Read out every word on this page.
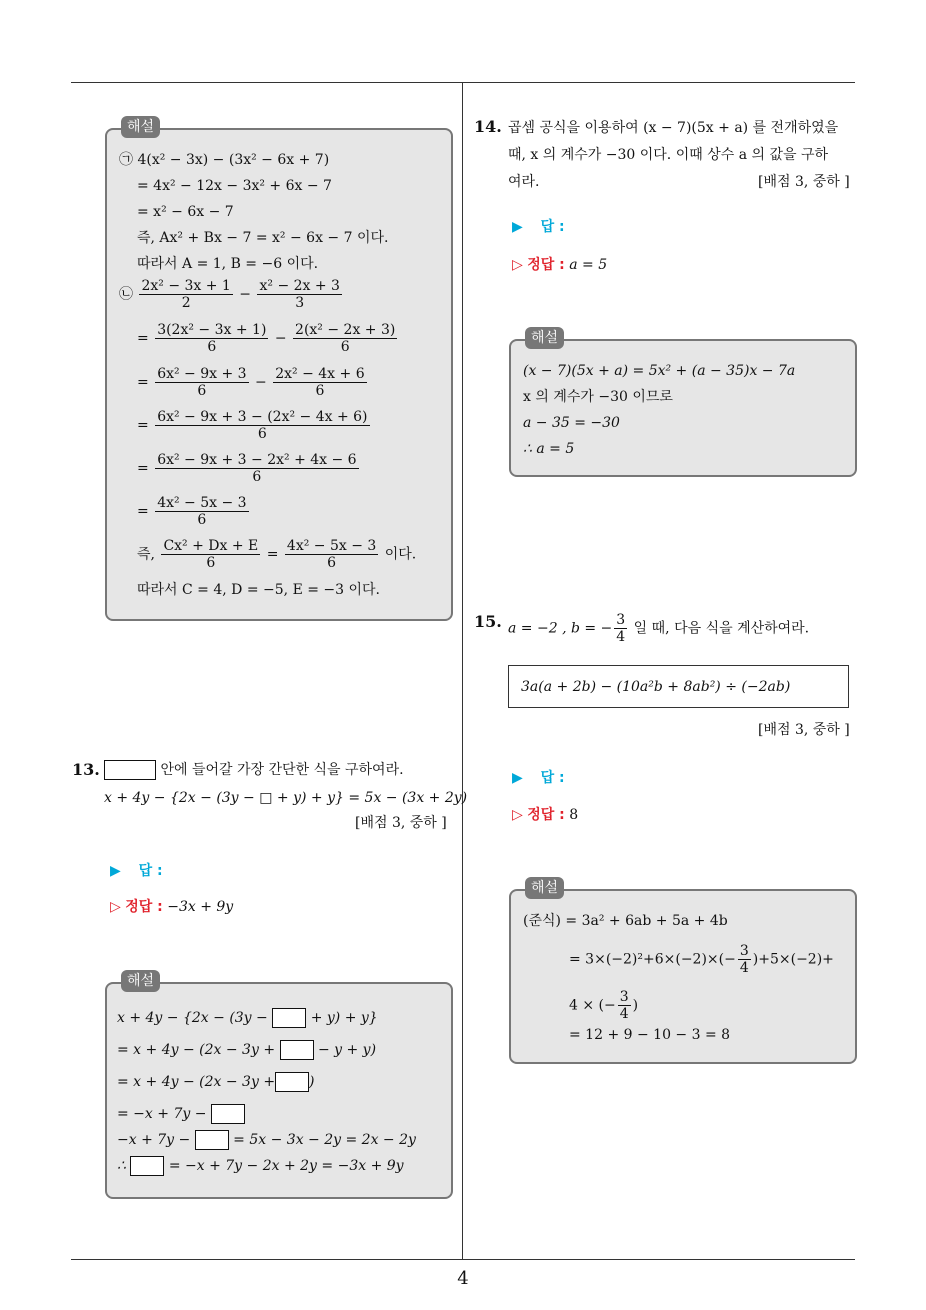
해설
㉠ 4(x² − 3x) − (3x² − 6x + 7)
= 4x² − 12x − 3x² + 6x − 7
= x² − 6x − 7
즉, Ax² + Bx − 7 = x² − 6x − 7 이다.
따라서 A = 1, B = −6 이다.
㉡ $\frac{\text{2x² − 3x + 1}}{2} - \frac{\text{x² − 2x + 3}}{3}$
= $\frac{\text{3(2x² − 3x + 1)}}{6} - \frac{\text{2(x² − 2x + 3)}}{6}$
= $\frac{\text{6x² − 9x + 3}}{6} - \frac{\text{2x² − 4x + 6}}{6}$
= $\frac{\text{6x² − 9x + 3 − (2x² − 4x + 6)}}{6}$
= $\frac{\text{6x² − 9x + 3 − 2x² + 4x − 6}}{6}$
= $\frac{\text{4x² − 5x − 3}}{6}$
즉, $\frac{\text{Cx² + Dx + E}}{6} = \frac{\text{4x² − 5x − 3}}{6}$ 이다.
따라서 C = 4, D = −5, E = −3 이다.
13.	안에 들어갈 가장 간단한 식을 구하여라.
x + 4y − {2x − (3y − □ + y) + y} = 5x − (3x + 2y)
[배점 3, 중하 ]
▶ 답 :
▷ 정답 : −3x + 9y
해설
x + 4y − {2x − (3y −	+ y) + y}
= x + 4y − (2x − 3y +	− y + y)
= x + 4y − (2x − 3y + )
= −x + 7y −
−x + 7y −	= 5x − 3x − 2y = 2x − 2y
∴	= −x + 7y − 2x + 2y = −3x + 9y
14. 곱셈 공식을 이용하여 (x − 7)(5x + a) 를 전개하였을
때, x 의 계수가 −30 이다. 이때 상수 a 의 값을 구하
여라.	[배점 3, 중하 ]
▶ 답 :
▷ 정답 : a = 5
해설
(x − 7)(5x + a) = 5x² + (a − 35)x − 7a
x 의 계수가 −30 이므로
a − 35 = −30
∴ a = 5
15. a = −2 , b = − $\frac{3}{4}$ 일 때, 다음 식을 계산하여라.
3a(a + 2b) − (10a²b + 8ab²) ÷ (−2ab)
[배점 3, 중하 ]
▶ 답 :
▷ 정답 : 8
해설
(준식) = 3a² + 6ab + 5a + 4b
= $3\times(-2)^2+6\times(-2)\times(- \frac{3}{4} )+5\times(-2)+$
4 × (− $\frac{3}{4}$ )
= 12 + 9 − 10 − 3 = 8
4
